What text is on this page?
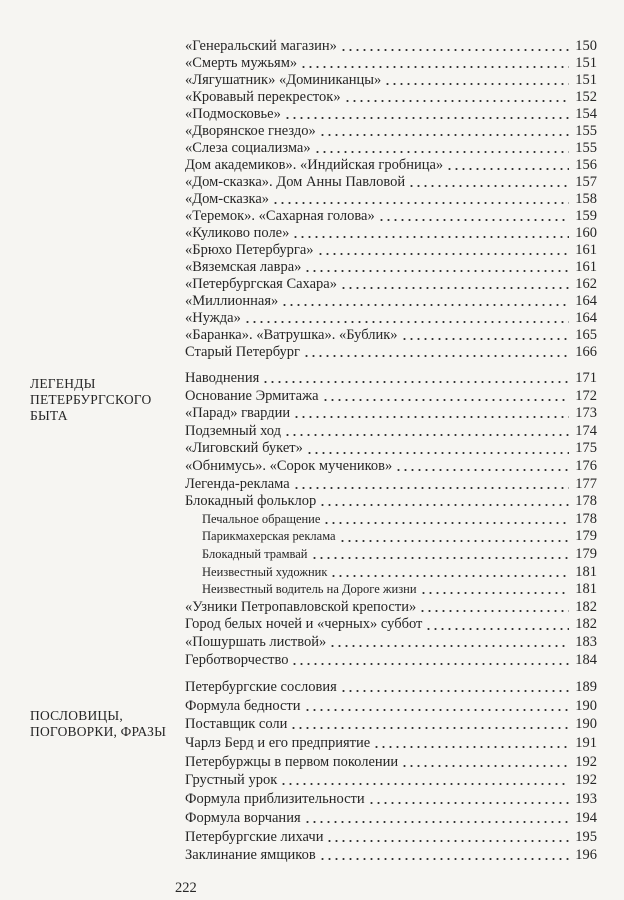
ЛЕГЕНДЫ
ПЕТЕРБУРГСКОГО
БЫТА
ПОСЛОВИЦЫ,
ПОГОВОРКИ, ФРАЗЫ
«Генеральский магазин»	150
«Смерть мужьям»	151
«Лягушатник» «Доминиканцы»	151
«Кровавый перекресток»	152
«Подмосковье»	154
«Дворянское гнездо»	155
«Слеза социализма»	155
Дом академиков». «Индийская гробница»	156
«Дом-сказка». Дом Анны Павловой	157
«Дом-сказка»	158
«Теремок». «Сахарная голова»	159
«Куликово поле»	160
«Брюхо Петербурга»	161
«Вяземская лавра»	161
«Петербургская Сахара»	162
«Миллионная»	164
«Нужда»	164
«Баранка». «Ватрушка». «Бублик»	165
Старый Петербург	166
Наводнения	171
Основание Эрмитажа	172
«Парад» гвардии	173
Подземный ход	174
«Лиговский букет»	175
«Обнимусь». «Сорок мучеников»	176
Легенда-реклама	177
Блокадный фольклор	178
Печальное обращение	178
Парикмахерская реклама	179
Блокадный трамвай	179
Неизвестный художник	181
Неизвестный водитель на Дороге жизни	181
«Узники Петропавловской крепости»	182
Город белых ночей и «черных» суббот	182
«Пошуршать листвой»	183
Герботворчество	184
Петербургские сословия	189
Формула бедности	190
Поставщик соли	190
Чарлз Берд и его предприятие	191
Петербуржцы в первом поколении	192
Грустный урок	192
Формула приблизительности	193
Формула ворчания	194
Петербургские лихачи	195
Заклинание ямщиков	196
222
